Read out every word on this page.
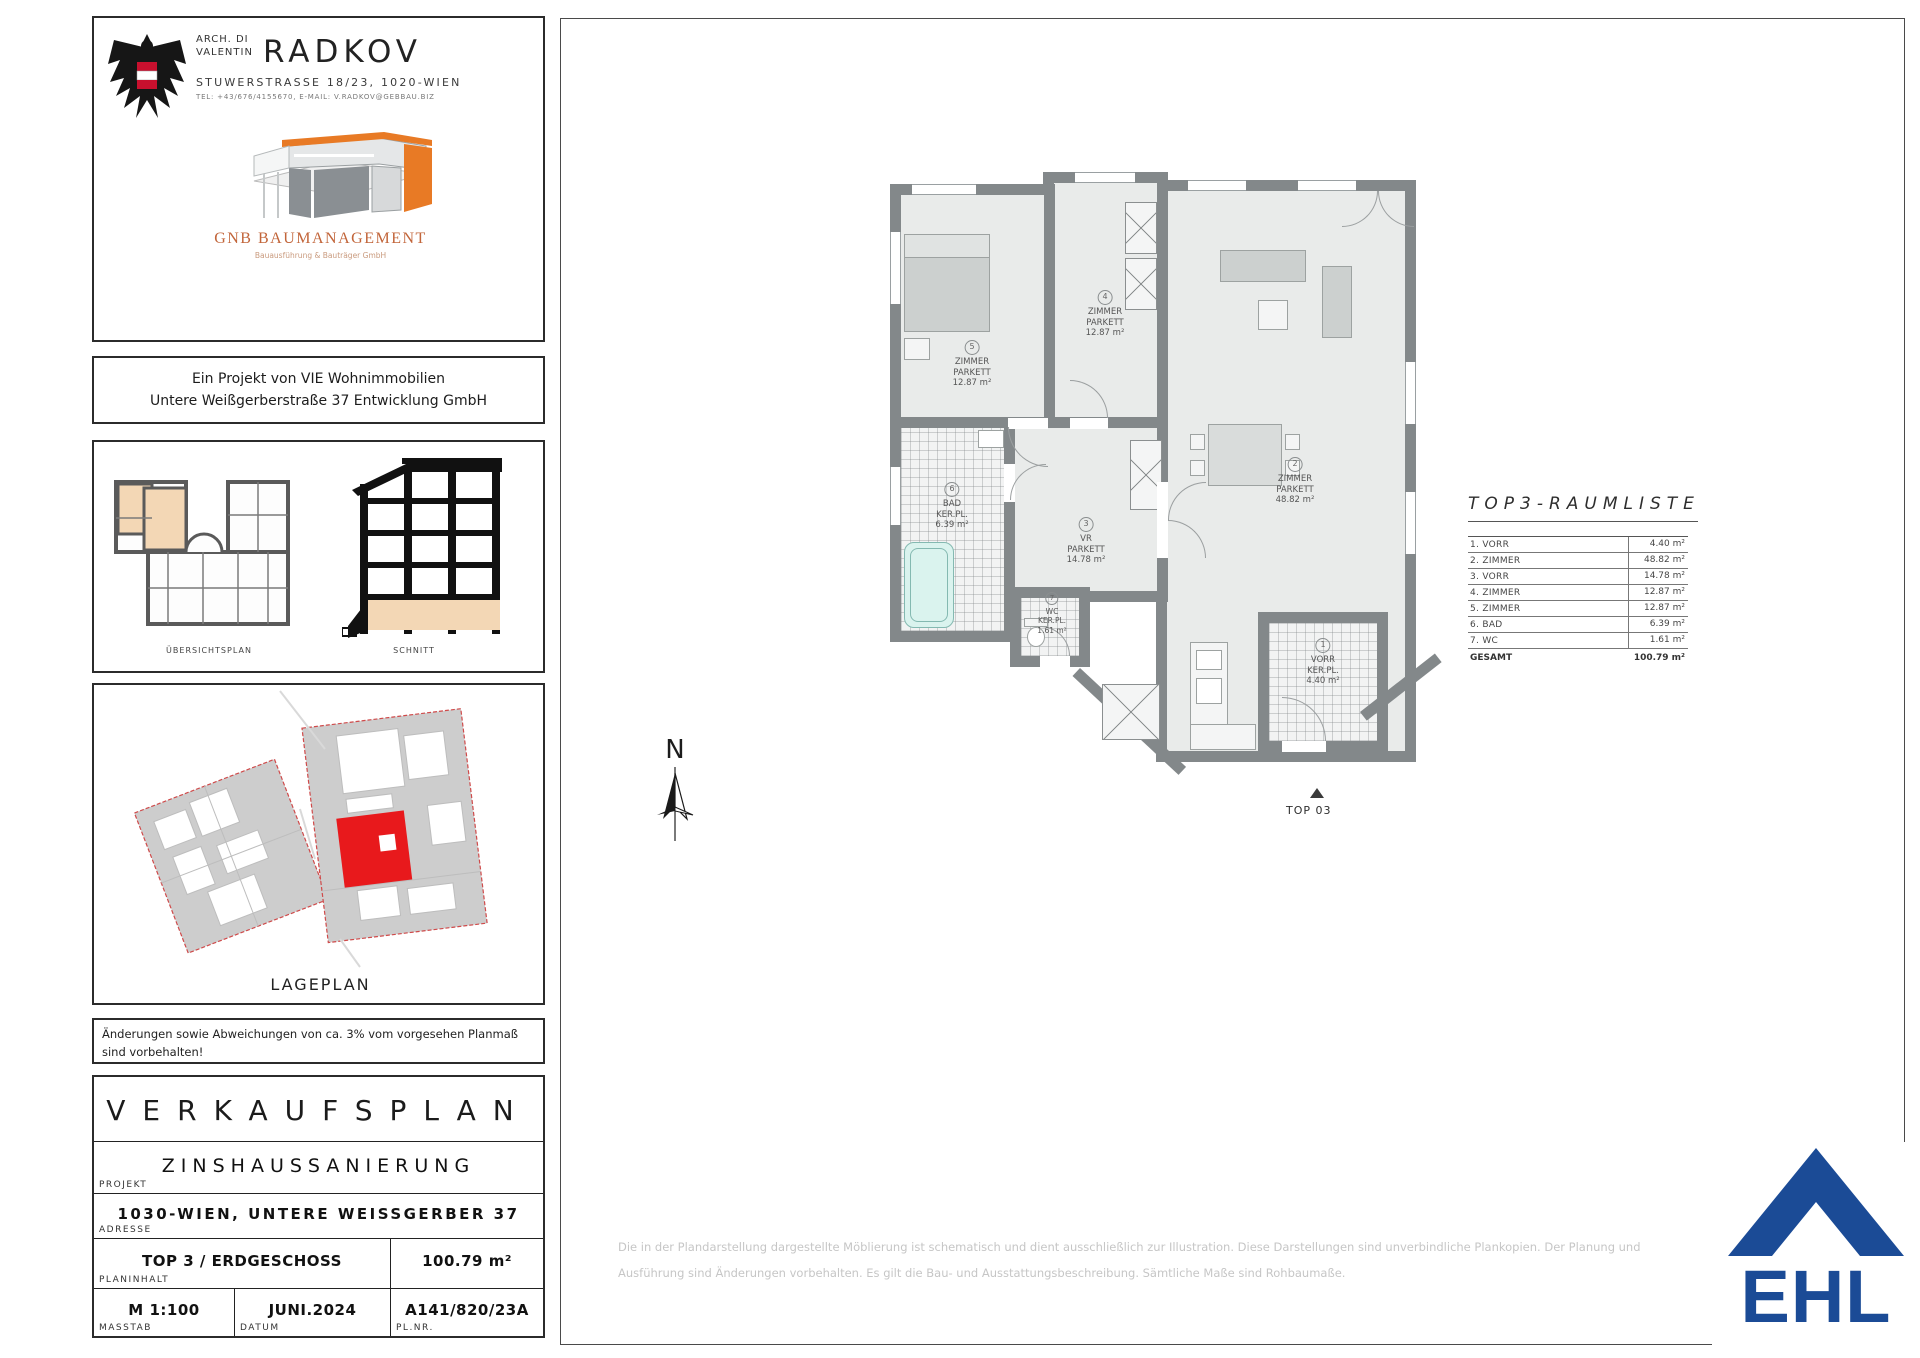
ARCH. DI
VALENTIN RADKOV
STUWERSTRASSE 18/23, 1020-WIEN
TEL: +43/676/4155670, E-MAIL: V.RADKOV@GEBBAU.BIZ
GNB BAUMANAGEMENT
Bauausführung & Bauträger GmbH
Ein Projekt von VIE Wohnimmobilien
Untere Weißgerberstraße 37 Entwicklung GmbH
ÜBERSICHTSPLAN	SCHNITT
LAGEPLAN
Änderungen sowie Abweichungen von ca. 3% vom vorgesehen Planmaß
sind vorbehalten!
VERKAUFSPLAN
PROJEKT
ZINSHAUSSANIERUNG
ADRESSE
1030-WIEN, UNTERE WEISSGERBER 37
PLANINHALT
TOP 3 / ERDGESCHOSS	100.79 m²
MASSTAB
M 1:100
DATUM
JUNI.2024
PL.NR.
A141/820/23A
1
VORR
KER.PL.
4.40 m²
2
ZIMMER
PARKETT
48.82 m²
3
VR
PARKETT
14.78 m²
4
ZIMMER
PARKETT
12.87 m²
5
ZIMMER
PARKETT
12.87 m²
6
BAD
KER.PL.
6.39 m²
7
WC
KER.PL.
1.61 m²
TOP 03
TOP3-RAUMLISTE
1. VORR	4.40 m²
2. ZIMMER	48.82 m²
3. VORR	14.78 m²
4. ZIMMER	12.87 m²
5. ZIMMER	12.87 m²
6. BAD	6.39 m²
7. WC	1.61 m²
GESAMT	100.79 m²
N
Die in der Plandarstellung dargestellte Möblierung ist schematisch und dient ausschließlich zur Illustration. Diese Darstellungen sind unverbindliche Plankopien. Der Planung und
Ausführung sind Änderungen vorbehalten. Es gilt die Bau- und Ausstattungsbeschreibung. Sämtliche Maße sind Rohbaumaße.	EHL
